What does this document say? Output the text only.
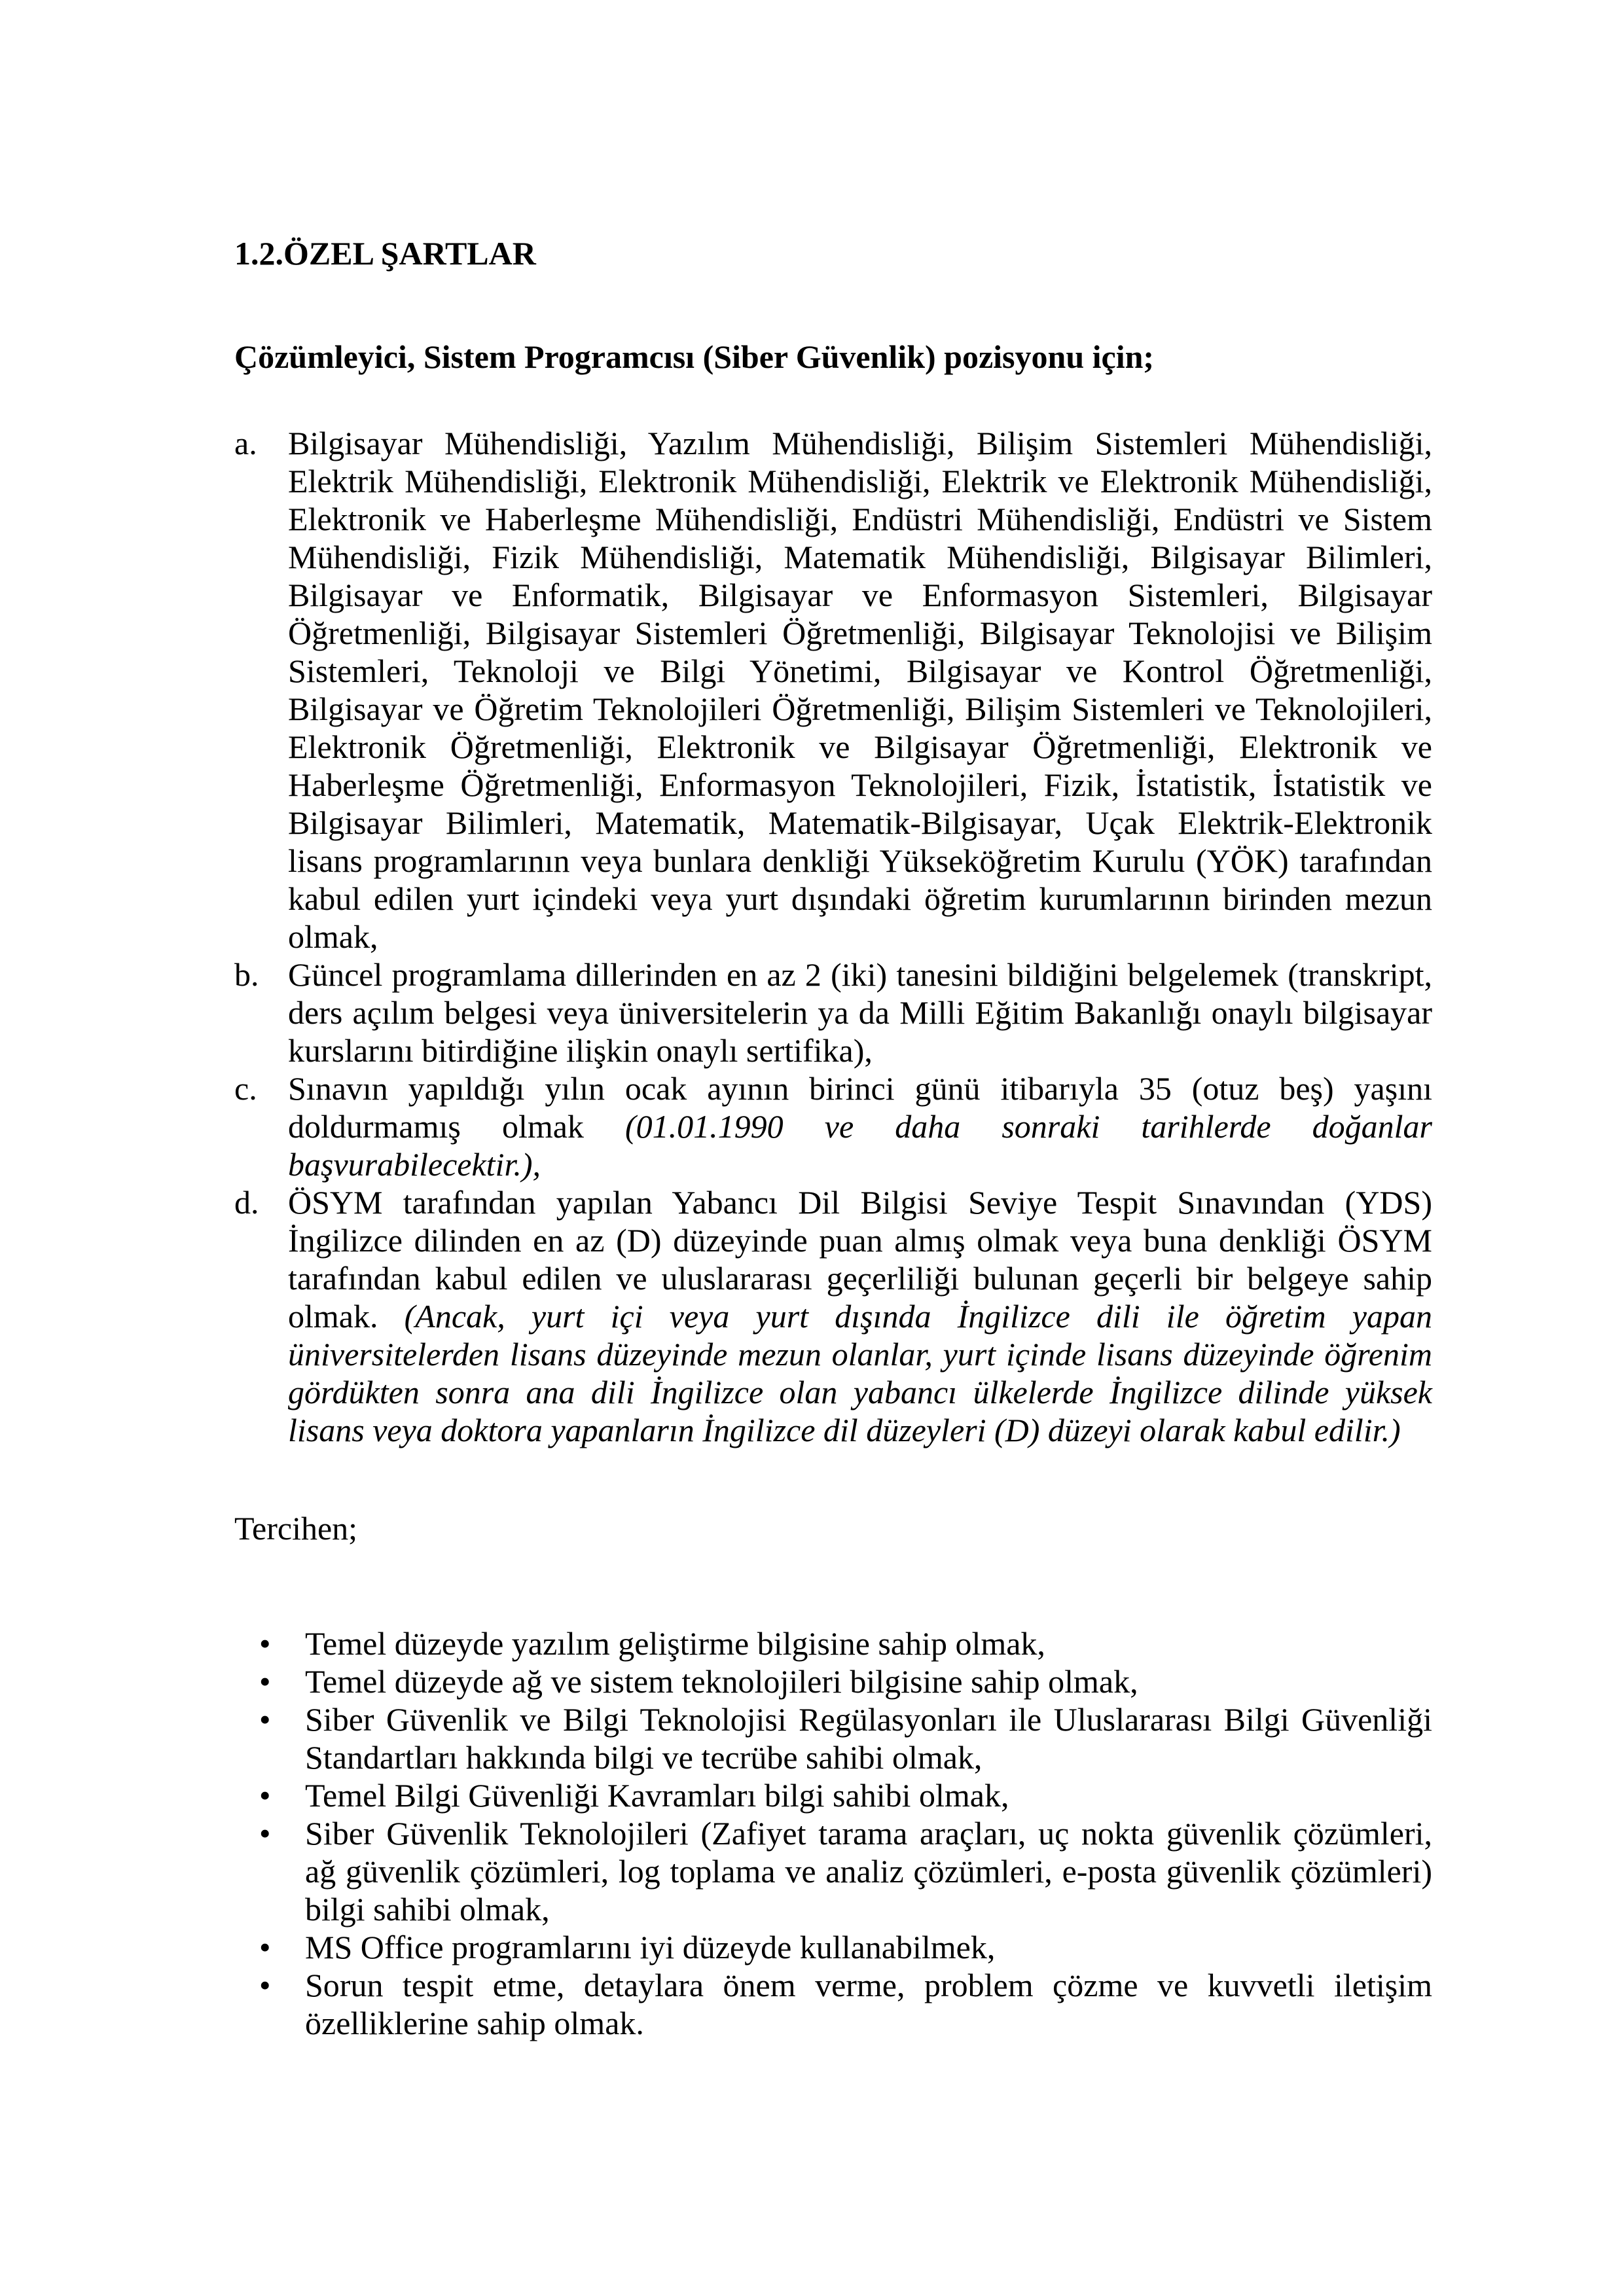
1.2.ÖZEL ŞARTLAR

Çözümleyici, Sistem Programcısı (Siber Güvenlik) pozisyonu için;

a. Bilgisayar Mühendisliği, Yazılım Mühendisliği, Bilişim Sistemleri Mühendisliği, Elektrik Mühendisliği, Elektronik Mühendisliği, Elektrik ve Elektronik Mühendisliği, Elektronik ve Haberleşme Mühendisliği, Endüstri Mühendisliği, Endüstri ve Sistem Mühendisliği, Fizik Mühendisliği, Matematik Mühendisliği, Bilgisayar Bilimleri, Bilgisayar ve Enformatik, Bilgisayar ve Enformasyon Sistemleri, Bilgisayar Öğretmenliği, Bilgisayar Sistemleri Öğretmenliği, Bilgisayar Teknolojisi ve Bilişim Sistemleri, Teknoloji ve Bilgi Yönetimi, Bilgisayar ve Kontrol Öğretmenliği, Bilgisayar ve Öğretim Teknolojileri Öğretmenliği, Bilişim Sistemleri ve Teknolojileri, Elektronik Öğretmenliği, Elektronik ve Bilgisayar Öğretmenliği, Elektronik ve Haberleşme Öğretmenliği, Enformasyon Teknolojileri, Fizik, İstatistik, İstatistik ve Bilgisayar Bilimleri, Matematik, Matematik-Bilgisayar, Uçak Elektrik-Elektronik lisans programlarının veya bunlara denkliği Yükseköğretim Kurulu (YÖK) tarafından kabul edilen yurt içindeki veya yurt dışındaki öğretim kurumlarının birinden mezun olmak,
b. Güncel programlama dillerinden en az 2 (iki) tanesini bildiğini belgelemek (transkript, ders açılım belgesi veya üniversitelerin ya da Milli Eğitim Bakanlığı onaylı bilgisayar kurslarını bitirdiğine ilişkin onaylı sertifika),
c. Sınavın yapıldığı yılın ocak ayının birinci günü itibarıyla 35 (otuz beş) yaşını doldurmamış olmak (01.01.1990 ve daha sonraki tarihlerde doğanlar başvurabilecektir.),
d. ÖSYM tarafından yapılan Yabancı Dil Bilgisi Seviye Tespit Sınavından (YDS) İngilizce dilinden en az (D) düzeyinde puan almış olmak veya buna denkliği ÖSYM tarafından kabul edilen ve uluslararası geçerliliği bulunan geçerli bir belgeye sahip olmak. (Ancak, yurt içi veya yurt dışında İngilizce dili ile öğretim yapan üniversitelerden lisans düzeyinde mezun olanlar, yurt içinde lisans düzeyinde öğrenim gördükten sonra ana dili İngilizce olan yabancı ülkelerde İngilizce dilinde yüksek lisans veya doktora yapanların İngilizce dil düzeyleri (D) düzeyi olarak kabul edilir.)

Tercihen;

•	Temel düzeyde yazılım geliştirme bilgisine sahip olmak,
•	Temel düzeyde ağ ve sistem teknolojileri bilgisine sahip olmak,
•	Siber Güvenlik ve Bilgi Teknolojisi Regülasyonları ile Uluslararası Bilgi Güvenliği Standartları hakkında bilgi ve tecrübe sahibi olmak,
•	Temel Bilgi Güvenliği Kavramları bilgi sahibi olmak,
•	Siber Güvenlik Teknolojileri (Zafiyet tarama araçları, uç nokta güvenlik çözümleri, ağ güvenlik çözümleri, log toplama ve analiz çözümleri, e-posta güvenlik çözümleri) bilgi sahibi olmak,
•	MS Office programlarını iyi düzeyde kullanabilmek,
•	Sorun tespit etme, detaylara önem verme, problem çözme ve kuvvetli iletişim özelliklerine sahip olmak.
